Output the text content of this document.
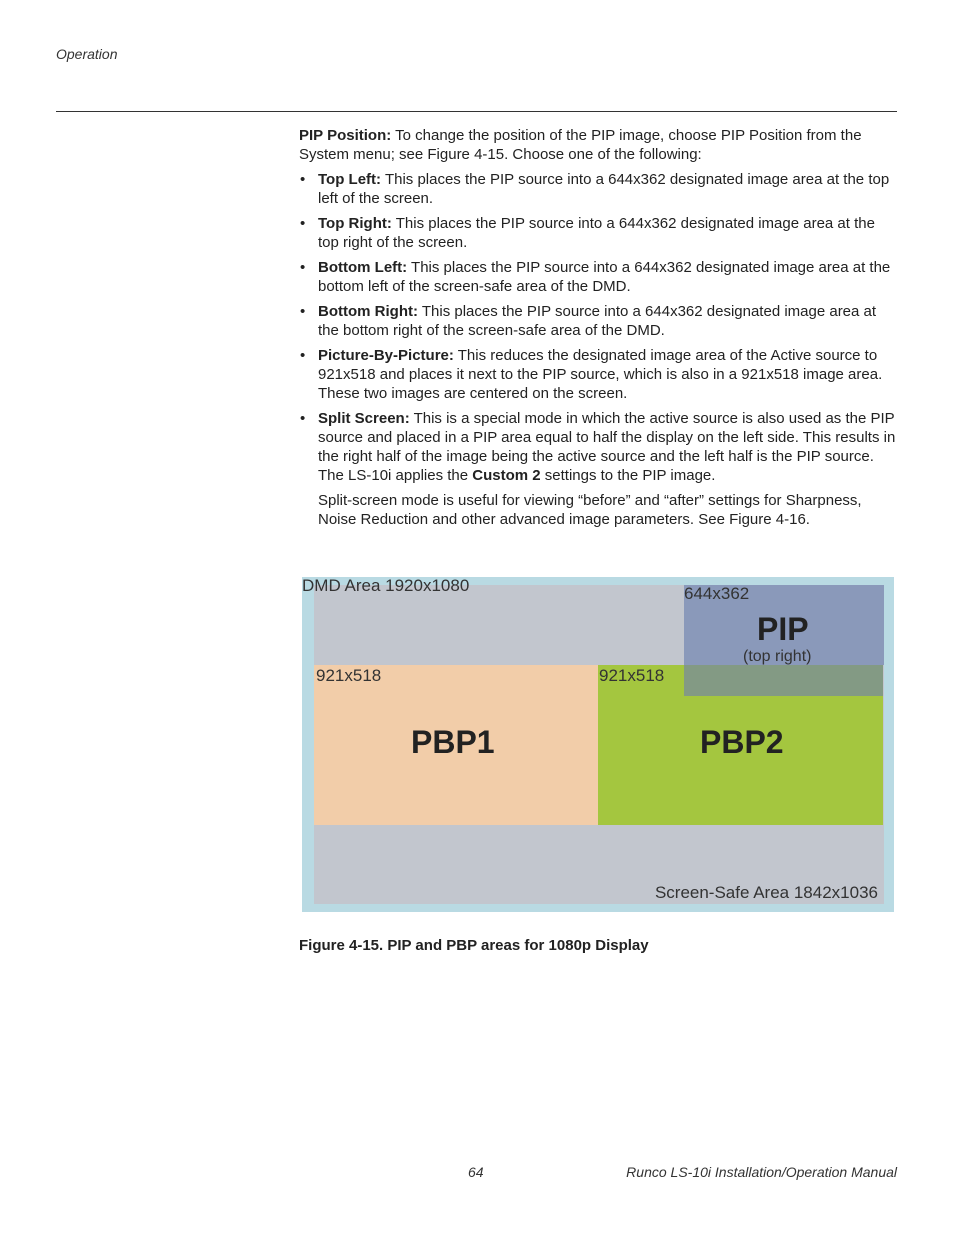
Operation

PIP Position: To change the position of the PIP image, choose PIP Position from the System menu; see Figure 4-15. Choose one of the following:

• Top Left: This places the PIP source into a 644x362 designated image area at the top left of the screen.
• Top Right: This places the PIP source into a 644x362 designated image area at the top right of the screen.
• Bottom Left: This places the PIP source into a 644x362 designated image area at the bottom left of the screen-safe area of the DMD.
• Bottom Right: This places the PIP source into a 644x362 designated image area at the bottom right of the screen-safe area of the DMD.
• Picture-By-Picture: This reduces the designated image area of the Active source to 921x518 and places it next to the PIP source, which is also in a 921x518 image area. These two images are centered on the screen.
• Split Screen: This is a special mode in which the active source is also used as the PIP source and placed in a PIP area equal to half the display on the left side. This results in the right half of the image being the active source and the left half is the PIP source. The LS-10i applies the Custom 2 settings to the PIP image.

Split-screen mode is useful for viewing “before” and “after” settings for Sharpness, Noise Reduction and other advanced image parameters. See Figure 4-16.

DMD Area 1920x1080	644x362
PIP
(top right)
921x518
PBP1
921x518
PBP2
Screen-Safe Area 1842x1036
Figure 4-15. PIP and PBP areas for 1080p Display
64	Runco LS-10i Installation/Operation Manual
